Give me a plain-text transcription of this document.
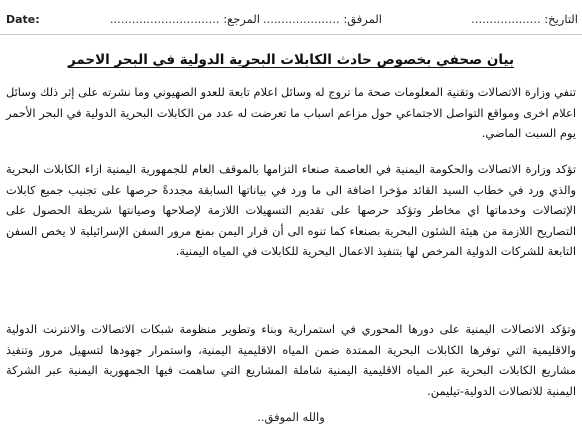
Date:	المرجع: ..............................	المرفق: .....................	التاريخ: ...................
بيان صحفي بخصوص حادث الكابلات البحرية الدولية في البحر الاحمر
تنفي وزارة الاتصالات وتقنية المعلومات صحة ما تروج له وسائل اعلام تابعة للعدو الصهيوني وما نشرته على إثر ذلك وسائل اعلام اخرى ومواقع التواصل الاجتماعي حول مزاعم اسباب ما تعرضت له عدد من الكابلات البحرية الدولية في البحر الأحمر يوم السبت الماضي.
تؤكد وزارة الاتصالات والحكومة اليمنية في العاصمة صنعاء التزامها بالموقف العام للجمهورية اليمنية ازاء الكابلات البحرية والذي ورد في خطاب السيد القائد مؤخرا اضافة الى ما ورد في بياناتها السابقة مجددةً حرصها على تجنيب جميع كابلات الإتصالات وخدماتها اي مخاطر وتؤكد حرصها على تقديم التسهيلات اللازمة لإصلاحها وصيانتها شريطة الحصول على التصاريح اللازمة من هيئة الشئون البحرية بصنعاء كما تنوه الى أن قرار اليمن بمنع مرور السفن الإسرائيلية لا يخص السفن التابعة للشركات الدولية المرخص لها بتنفيذ الاعمال البحرية للكابلات في المياه اليمنية.
وتؤكد الاتصالات اليمنية على دورها المحوري في استمرارية وبناء وتطوير منظومة شبكات الاتصالات والانترنت الدولية والاقليمية التي توفرها الكابلات البحرية الممتدة ضمن المياه الاقليمية اليمنية، واستمرار جهودها لتسهيل مرور وتنفيذ مشاريع الكابلات البحرية عبر المياه الاقليمية اليمنية شاملة المشاريع التي ساهمت فيها الجمهورية اليمنية عبر الشركة اليمنية للاتصالات الدولية-تيليمن.
والله الموفق..
